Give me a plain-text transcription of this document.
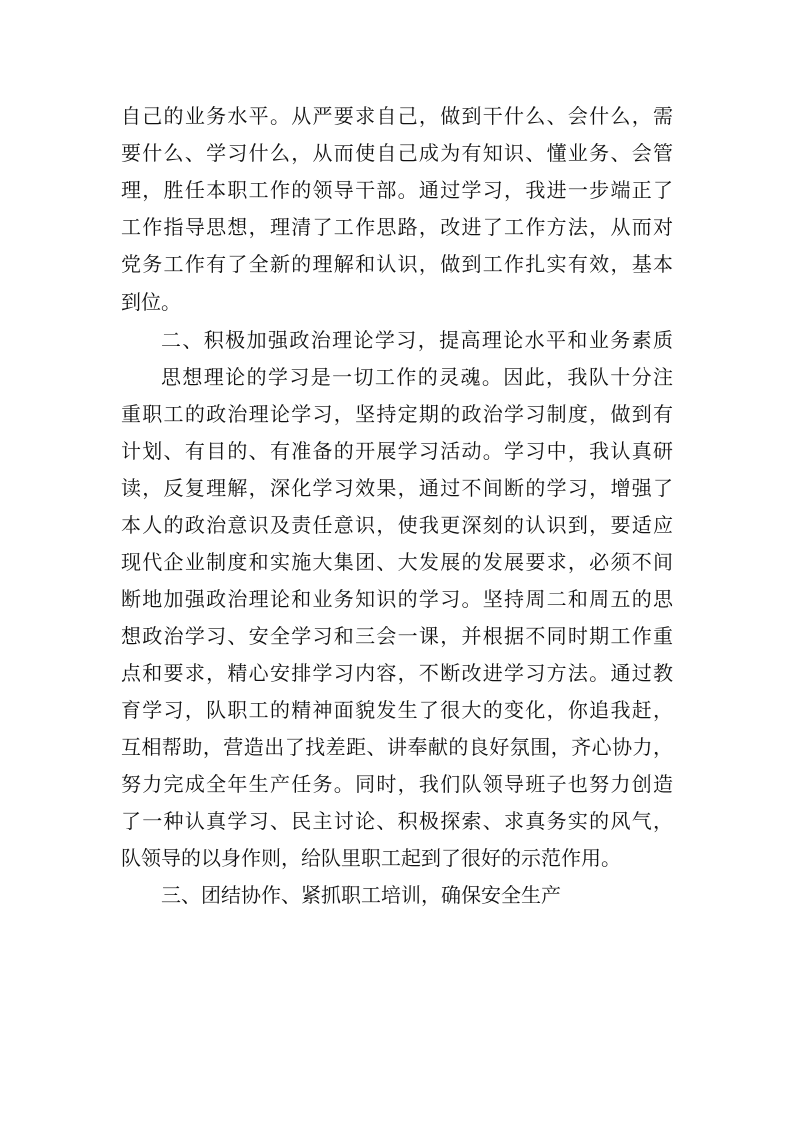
自己的业务水平。从严要求自己，做到干什么、会什么，需
要什么、学习什么，从而使自己成为有知识、懂业务、会管
理，胜任本职工作的领导干部。通过学习，我进一步端正了
工作指导思想，理清了工作思路，改进了工作方法，从而对
党务工作有了全新的理解和认识，做到工作扎实有效，基本
到位。
二、积极加强政治理论学习，提高理论水平和业务素质
思想理论的学习是一切工作的灵魂。因此，我队十分注
重职工的政治理论学习，坚持定期的政治学习制度，做到有
计划、有目的、有准备的开展学习活动。学习中，我认真研
读，反复理解，深化学习效果，通过不间断的学习，增强了
本人的政治意识及责任意识，使我更深刻的认识到，要适应
现代企业制度和实施大集团、大发展的发展要求，必须不间
断地加强政治理论和业务知识的学习。坚持周二和周五的思
想政治学习、安全学习和三会一课，并根据不同时期工作重
点和要求，精心安排学习内容，不断改进学习方法。通过教
育学习，队职工的精神面貌发生了很大的变化，你追我赶，
互相帮助，营造出了找差距、讲奉献的良好氛围，齐心协力，
努力完成全年生产任务。同时，我们队领导班子也努力创造
了一种认真学习、民主讨论、积极探索、求真务实的风气，
队领导的以身作则，给队里职工起到了很好的示范作用。
三、团结协作、紧抓职工培训，确保安全生产
